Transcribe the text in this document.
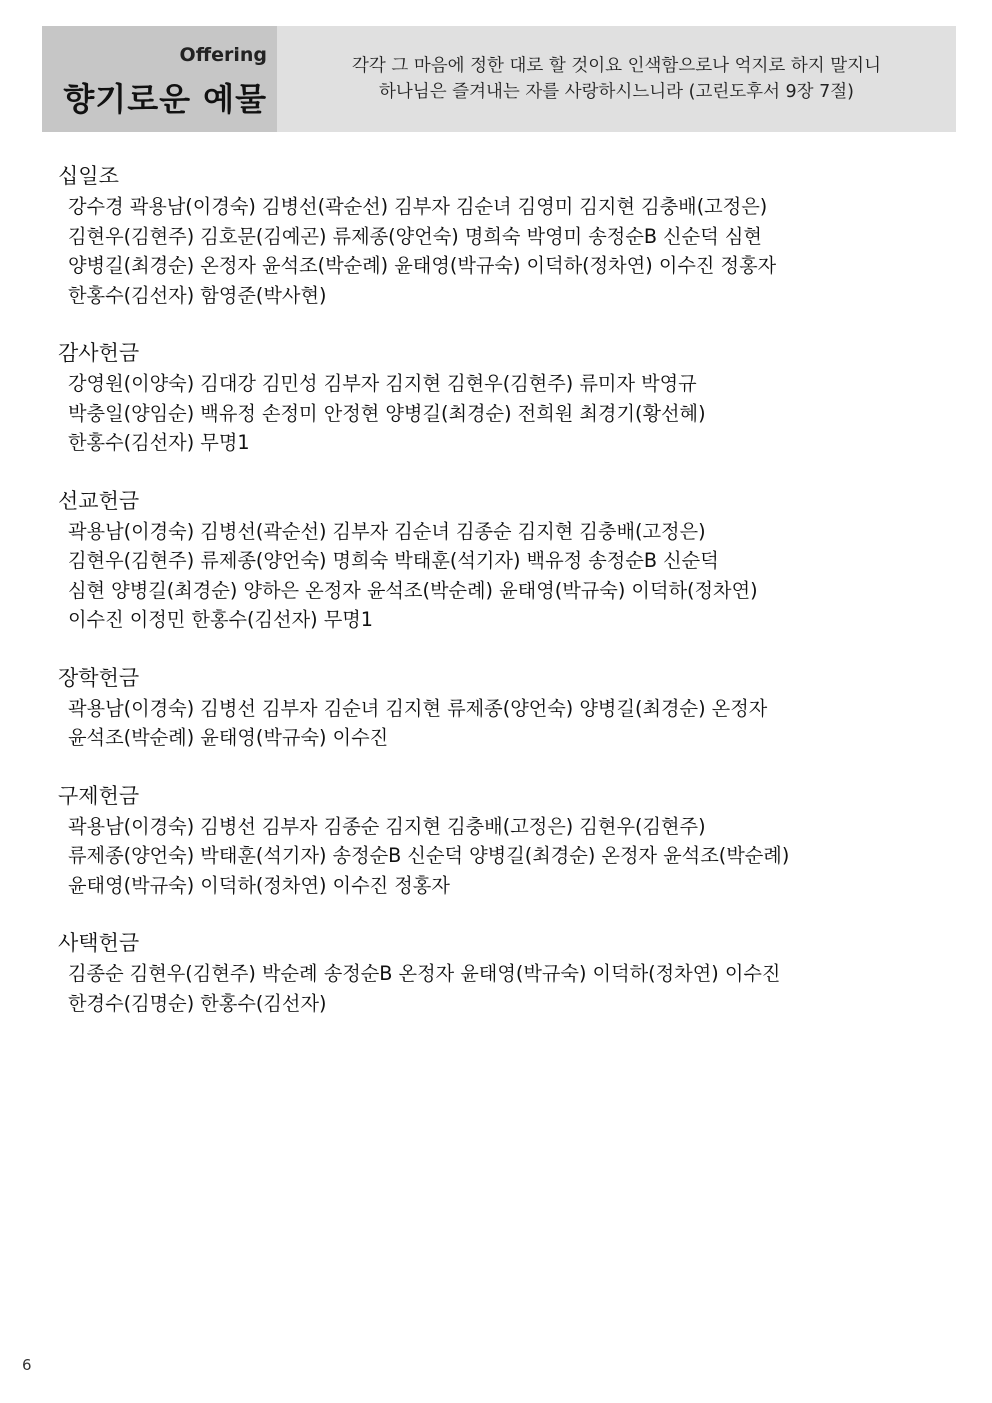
Offering
향기로운 예물
각각 그 마음에 정한 대로 할 것이요 인색함으로나 억지로 하지 말지니
하나님은 즐겨내는 자를 사랑하시느니라 (고린도후서 9장 7절)
십일조
강수경 곽용남(이경숙) 김병선(곽순선) 김부자 김순녀 김영미 김지현 김충배(고정은)
김현우(김현주) 김호문(김예곤) 류제종(양언숙) 명희숙 박영미 송정순B 신순덕 심현
양병길(최경순) 온정자 윤석조(박순례) 윤태영(박규숙) 이덕하(정차연) 이수진 정홍자
한홍수(김선자) 함영준(박사현)
감사헌금
강영원(이양숙) 김대강 김민성 김부자 김지현 김현우(김현주) 류미자 박영규
박충일(양임순) 백유정 손정미 안정현 양병길(최경순) 전희원 최경기(황선혜)
한홍수(김선자) 무명1
선교헌금
곽용남(이경숙) 김병선(곽순선) 김부자 김순녀 김종순 김지현 김충배(고정은)
김현우(김현주) 류제종(양언숙) 명희숙 박태훈(석기자) 백유정 송정순B 신순덕
심현 양병길(최경순) 양하은 온정자 윤석조(박순례) 윤태영(박규숙) 이덕하(정차연)
이수진 이정민 한홍수(김선자) 무명1
장학헌금
곽용남(이경숙) 김병선 김부자 김순녀 김지현 류제종(양언숙) 양병길(최경순) 온정자
윤석조(박순례) 윤태영(박규숙) 이수진
구제헌금
곽용남(이경숙) 김병선 김부자 김종순 김지현 김충배(고정은) 김현우(김현주)
류제종(양언숙) 박태훈(석기자) 송정순B 신순덕 양병길(최경순) 온정자 윤석조(박순례)
윤태영(박규숙) 이덕하(정차연) 이수진 정홍자
사택헌금
김종순 김현우(김현주) 박순례 송정순B 온정자 윤태영(박규숙) 이덕하(정차연) 이수진
한경수(김명순) 한홍수(김선자)
6
